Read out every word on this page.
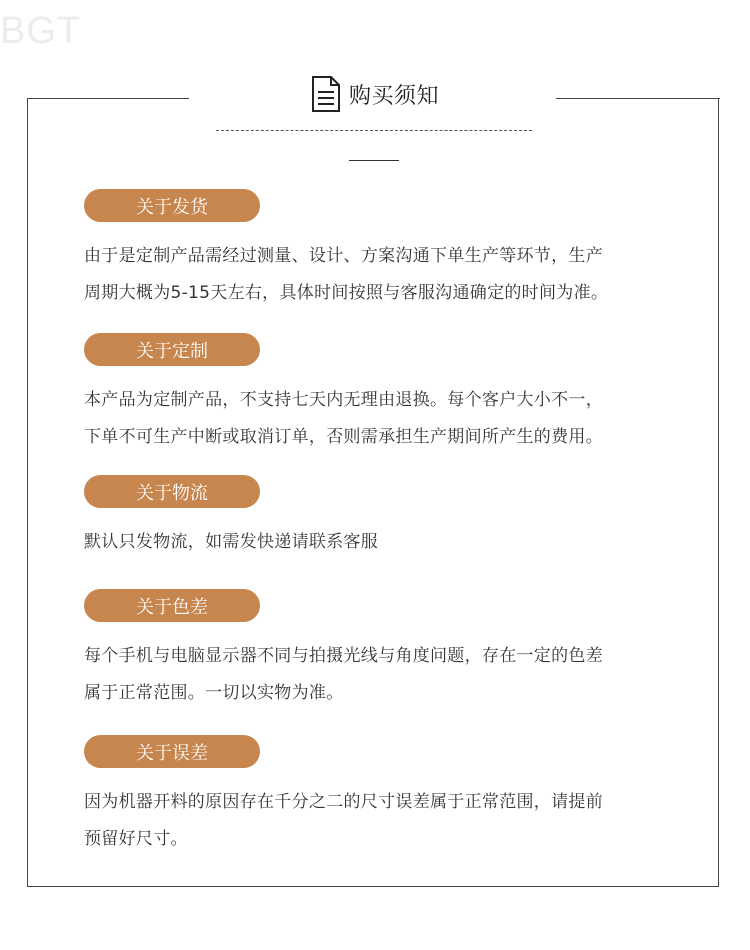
BGT
购买须知
关于发货
由于是定制产品需经过测量、设计、方案沟通下单生产等环节，生产
周期大概为5-15天左右，具体时间按照与客服沟通确定的时间为准。
关于定制
本产品为定制产品，不支持七天内无理由退换。每个客户大小不一，
下单不可生产中断或取消订单，否则需承担生产期间所产生的费用。
关于物流
默认只发物流，如需发快递请联系客服
关于色差
每个手机与电脑显示器不同与拍摄光线与角度问题，存在一定的色差
属于正常范围。一切以实物为准。
关于误差
因为机器开料的原因存在千分之二的尺寸误差属于正常范围，请提前
预留好尺寸。
